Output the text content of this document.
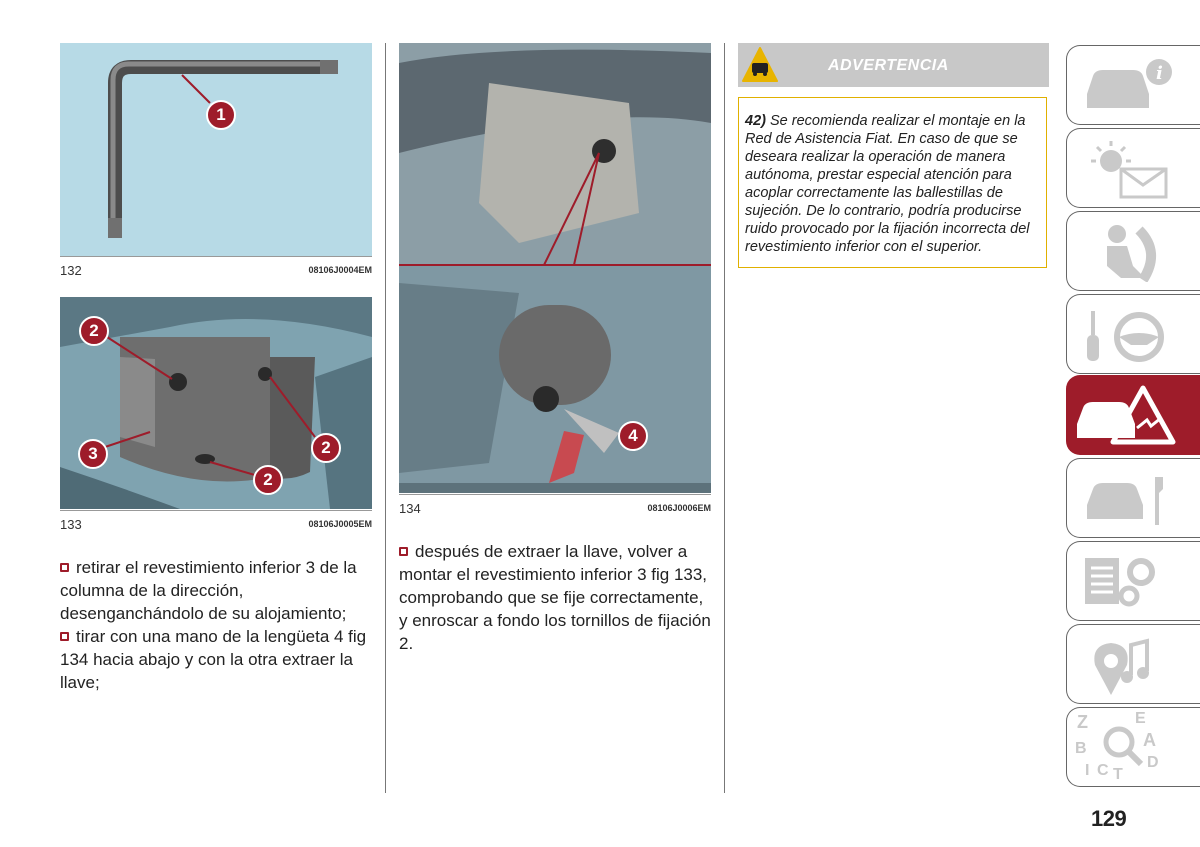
1
132	08106J0004EM
2
2
3
2
133	08106J0005EM

retirar el revestimiento inferior 3 de la columna de la dirección, desenganchándolo de su alojamiento;

tirar con una mano de la lengüeta 4 fig 134 hacia abajo y con la otra extraer la llave;

4
134	08106J0006EM

después de extraer la llave, volver a montar el revestimiento inferior 3 fig 133, comprobando que se fije correctamente, y enroscar a fondo los tornillos de fijación 2.

ADVERTENCIA
42) Se recomienda realizar el montaje en la Red de Asistencia Fiat. En caso de que se deseara realizar la operación de manera autónoma, prestar especial atención para acoplar correctamente las ballestillas de sujeción. De lo contrario, podría producirse ruido provocado por la fijación incorrecta del revestimiento inferior con el superior.
i
Z	E
B	A
I C T
D
129
